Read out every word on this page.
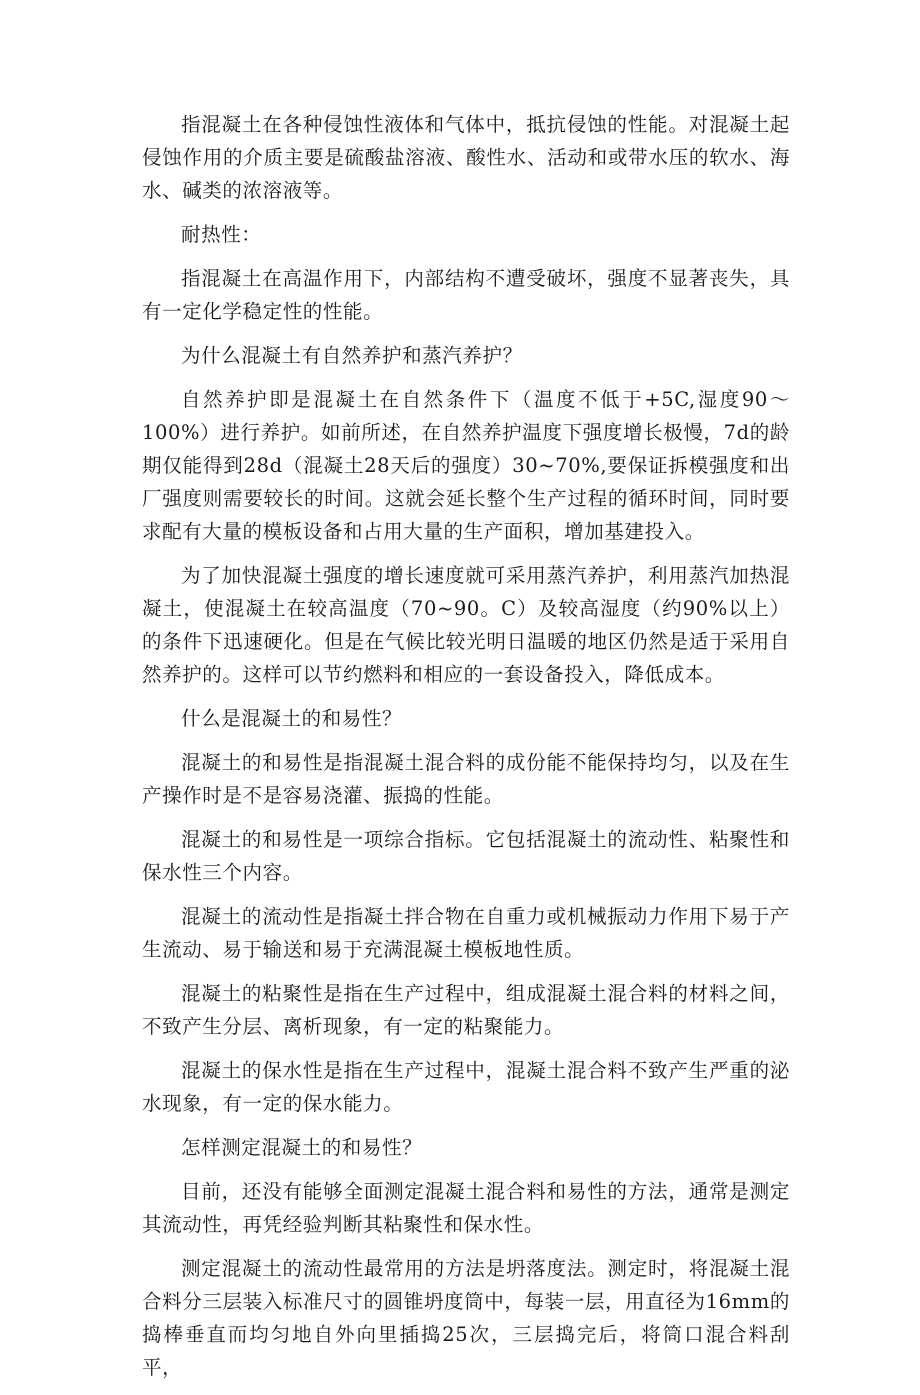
指混凝土在各种侵蚀性液体和气体中，抵抗侵蚀的性能。对混凝土起侵蚀作用的介质主要是硫酸盐溶液、酸性水、活动和或带水压的软水、海水、碱类的浓溶液等。

耐热性：

指混凝土在高温作用下，内部结构不遭受破坏，强度不显著丧失，具有一定化学稳定性的性能。

为什么混凝土有自然养护和蒸汽养护？

自然养护即是混凝土在自然条件下（温度不低于+5C,湿度90～100%）进行养护。如前所述，在自然养护温度下强度增长极慢，7d的龄期仅能得到28d（混凝土28天后的强度）30~70%,要保证拆模强度和出厂强度则需要较长的时间。这就会延长整个生产过程的循环时间，同时要求配有大量的模板设备和占用大量的生产面积，增加基建投入。

为了加快混凝土强度的增长速度就可采用蒸汽养护，利用蒸汽加热混凝土，使混凝土在较高温度（70~90。C）及较高湿度（约90%以上）的条件下迅速硬化。但是在气候比较光明日温暖的地区仍然是适于采用自然养护的。这样可以节约燃料和相应的一套设备投入，降低成本。

什么是混凝土的和易性？

混凝土的和易性是指混凝土混合料的成份能不能保持均匀，以及在生产操作时是不是容易浇灌、振捣的性能。

混凝土的和易性是一项综合指标。它包括混凝土的流动性、粘聚性和保水性三个内容。

混凝土的流动性是指凝土拌合物在自重力或机械振动力作用下易于产生流动、易于输送和易于充满混凝土模板地性质。

混凝土的粘聚性是指在生产过程中，组成混凝土混合料的材料之间，不致产生分层、离析现象，有一定的粘聚能力。

混凝土的保水性是指在生产过程中，混凝土混合料不致产生严重的泌水现象，有一定的保水能力。

怎样测定混凝土的和易性？

目前，还没有能够全面测定混凝土混合料和易性的方法，通常是测定其流动性，再凭经验判断其粘聚性和保水性。

测定混凝土的流动性最常用的方法是坍落度法。测定时，将混凝土混合料分三层装入标准尺寸的圆锥坍度筒中，每装一层，用直径为16mm的捣棒垂直而均匀地自外向里插捣25次，三层捣完后，将筒口混合料刮平，
